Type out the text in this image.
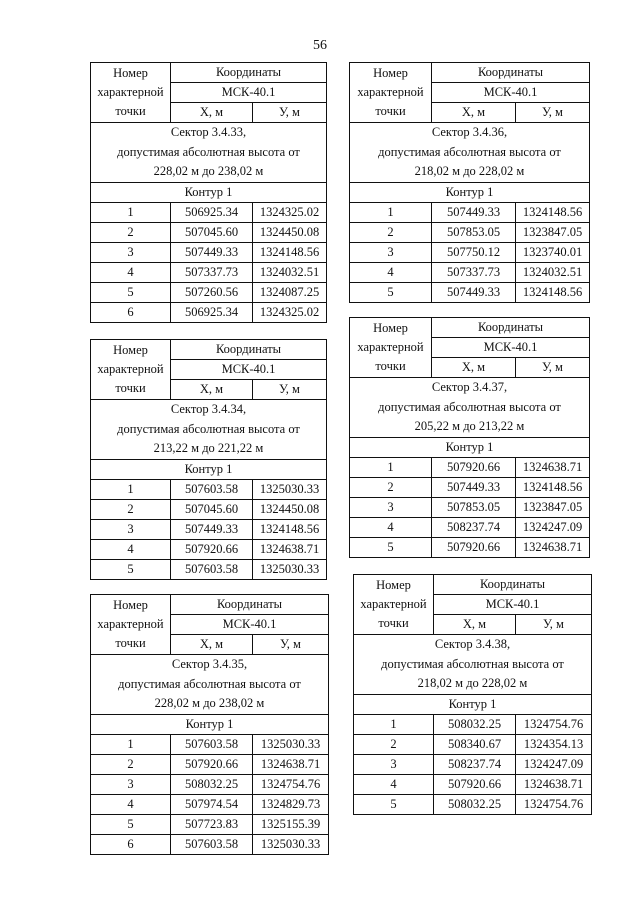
56
Номер характерной точки	Координаты	
	МСК-40.1	
	Х, м	У, м

Сектор 3.4.33,
допустимая абсолютная высота от
228,02 м до 238,02 м		

Контур 1		
1	506925.34	1324325.02
2	507045.60	1324450.08
3	507449.33	1324148.56
4	507337.73	1324032.51
5	507260.56	1324087.25
6	506925.34	1324325.02
Номер характерной точки	Координаты	
	МСК-40.1	
	Х, м	У, м

Сектор 3.4.34,
допустимая абсолютная высота от
213,22 м до 221,22 м		

Контур 1		
1	507603.58	1325030.33
2	507045.60	1324450.08
3	507449.33	1324148.56
4	507920.66	1324638.71
5	507603.58	1325030.33
Номер характерной точки	Координаты	
	МСК-40.1	
	Х, м	У, м

Сектор 3.4.35,
допустимая абсолютная высота от
228,02 м до 238,02 м		

Контур 1		
1	507603.58	1325030.33
2	507920.66	1324638.71
3	508032.25	1324754.76
4	507974.54	1324829.73
5	507723.83	1325155.39
6	507603.58	1325030.33
Номер характерной точки	Координаты	
	МСК-40.1	
	Х, м	У, м

Сектор 3.4.36,
допустимая абсолютная высота от
218,02 м до 228,02 м		

Контур 1		
1	507449.33	1324148.56
2	507853.05	1323847.05
3	507750.12	1323740.01
4	507337.73	1324032.51
5	507449.33	1324148.56
Номер характерной точки	Координаты	
	МСК-40.1	
	Х, м	У, м

Сектор 3.4.37,
допустимая абсолютная высота от
205,22 м до 213,22 м		

Контур 1		
1	507920.66	1324638.71
2	507449.33	1324148.56
3	507853.05	1323847.05
4	508237.74	1324247.09
5	507920.66	1324638.71
Номер характерной точки	Координаты	
	МСК-40.1	
	Х, м	У, м

Сектор 3.4.38,
допустимая абсолютная высота от
218,02 м до 228,02 м		

Контур 1		
1	508032.25	1324754.76
2	508340.67	1324354.13
3	508237.74	1324247.09
4	507920.66	1324638.71
5	508032.25	1324754.76
